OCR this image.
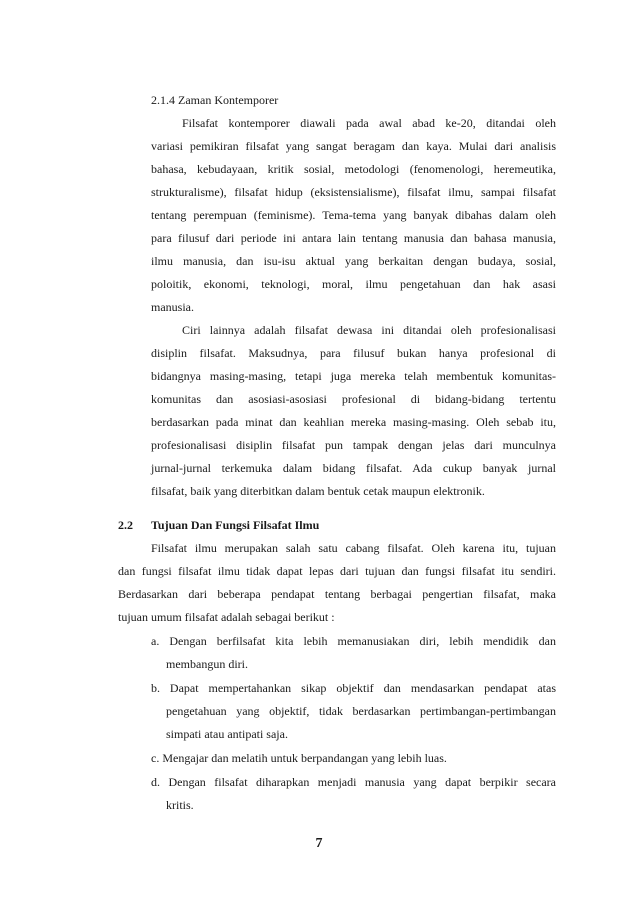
2.1.4 Zaman Kontemporer
Filsafat kontemporer diawali pada awal abad ke-20, ditandai oleh
variasi pemikiran filsafat yang sangat beragam dan kaya. Mulai dari analisis
bahasa, kebudayaan, kritik sosial, metodologi (fenomenologi, heremeutika,
strukturalisme), filsafat hidup (eksistensialisme), filsafat ilmu, sampai filsafat
tentang perempuan (feminisme). Tema-tema yang banyak dibahas dalam oleh
para filusuf dari periode ini antara lain tentang manusia dan bahasa manusia,
ilmu manusia, dan isu-isu aktual yang berkaitan dengan budaya, sosial,
poloitik, ekonomi, teknologi, moral, ilmu pengetahuan dan hak asasi
manusia.
Ciri lainnya adalah filsafat dewasa ini ditandai oleh profesionalisasi
disiplin filsafat. Maksudnya, para filusuf bukan hanya profesional di
bidangnya masing-masing, tetapi juga mereka telah membentuk komunitas-
komunitas dan asosiasi-asosiasi profesional di bidang-bidang tertentu
berdasarkan pada minat dan keahlian mereka masing-masing. Oleh sebab itu,
profesionalisasi disiplin filsafat pun tampak dengan jelas dari munculnya
jurnal-jurnal terkemuka dalam bidang filsafat. Ada cukup banyak jurnal
filsafat, baik yang diterbitkan dalam bentuk cetak maupun elektronik.
2.2 Tujuan Dan Fungsi Filsafat Ilmu
Filsafat ilmu merupakan salah satu cabang filsafat. Oleh karena itu, tujuan
dan fungsi filsafat ilmu tidak dapat lepas dari tujuan dan fungsi filsafat itu sendiri.
Berdasarkan dari beberapa pendapat tentang berbagai pengertian filsafat, maka
tujuan umum filsafat adalah sebagai berikut :
a. Dengan berfilsafat kita lebih memanusiakan diri, lebih mendidik dan
membangun diri.
b. Dapat mempertahankan sikap objektif dan mendasarkan pendapat atas
pengetahuan yang objektif, tidak berdasarkan pertimbangan-pertimbangan
simpati atau antipati saja.
c. Mengajar dan melatih untuk berpandangan yang lebih luas.
d. Dengan filsafat diharapkan menjadi manusia yang dapat berpikir secara
kritis.
7
